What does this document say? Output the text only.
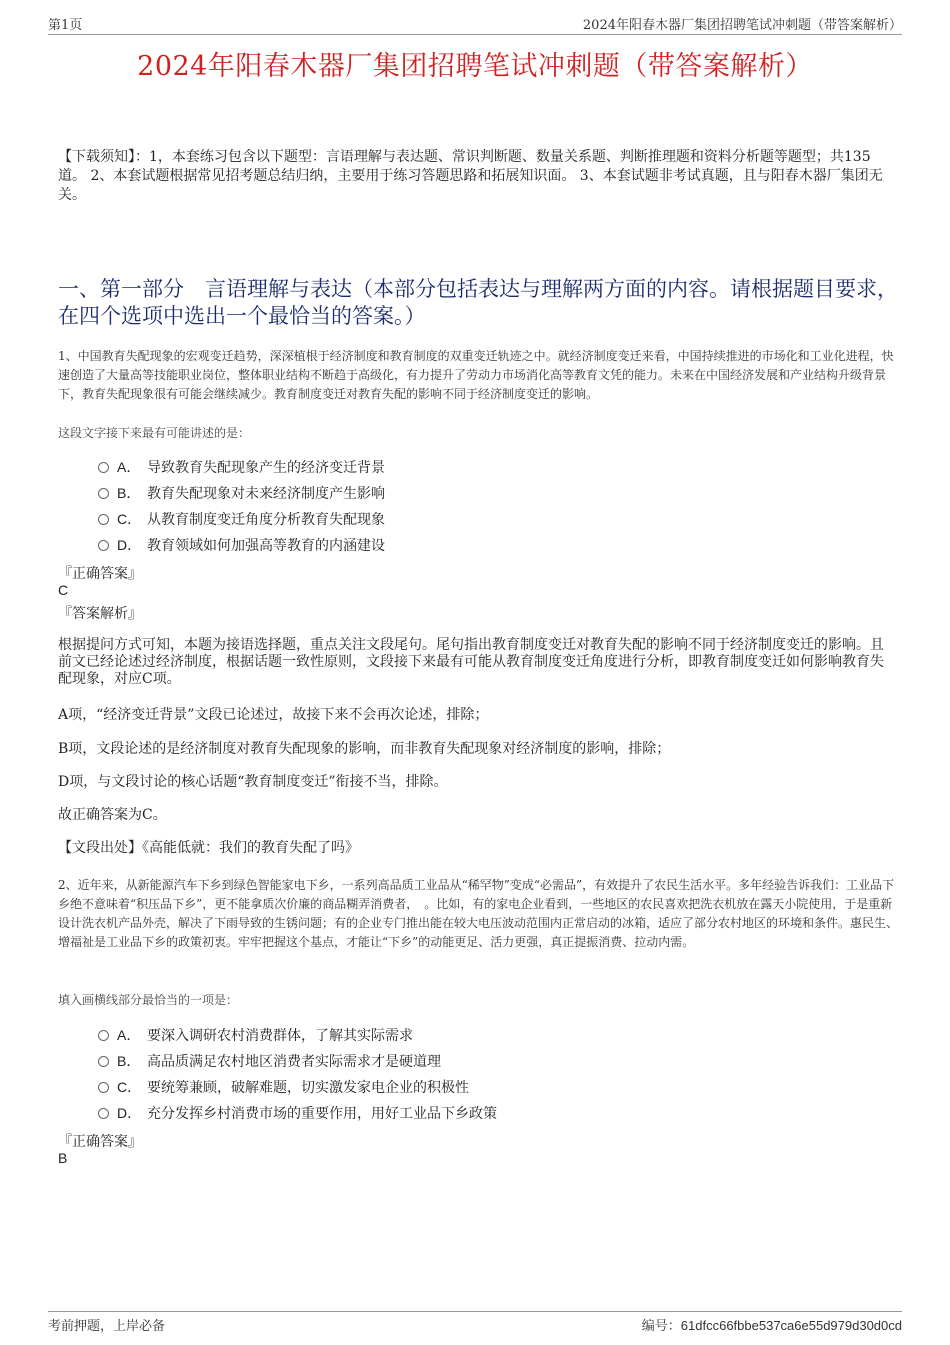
第1页	2024年阳春木器厂集团招聘笔试冲刺题（带答案解析）
2024年阳春木器厂集团招聘笔试冲刺题（带答案解析）
【下载须知】：1，本套练习包含以下题型：言语理解与表达题、常识判断题、数量关系题、判断推理题和资料分析题等题型；共135道。 2、本套试题根据常见招考题总结归纳，主要用于练习答题思路和拓展知识面。 3、本套试题非考试真题，且与阳春木器厂集团无关。
一、第一部分　言语理解与表达（本部分包括表达与理解两方面的内容。请根据题目要求，在四个选项中选出一个最恰当的答案。）
1、中国教育失配现象的宏观变迁趋势，深深植根于经济制度和教育制度的双重变迁轨迹之中。就经济制度变迁来看，中国持续推进的市场化和工业化进程，快速创造了大量高等技能职业岗位，整体职业结构不断趋于高级化，有力提升了劳动力市场消化高等教育文凭的能力。未来在中国经济发展和产业结构升级背景下，教育失配现象很有可能会继续减少。教育制度变迁对教育失配的影响不同于经济制度变迁的影响。
这段文字接下来最有可能讲述的是：
A． 导致教育失配现象产生的经济变迁背景
B． 教育失配现象对未来经济制度产生影响
C． 从教育制度变迁角度分析教育失配现象
D． 教育领域如何加强高等教育的内涵建设
『正确答案』
C
『答案解析』
根据提问方式可知，本题为接语选择题，重点关注文段尾句。尾句指出教育制度变迁对教育失配的影响不同于经济制度变迁的影响。且前文已经论述过经济制度，根据话题一致性原则，文段接下来最有可能从教育制度变迁角度进行分析，即教育制度变迁如何影响教育失配现象，对应C项。
A项，“经济变迁背景”文段已论述过，故接下来不会再次论述，排除；
B项，文段论述的是经济制度对教育失配现象的影响，而非教育失配现象对经济制度的影响，排除；
D项，与文段讨论的核心话题“教育制度变迁”衔接不当，排除。
故正确答案为C。
【文段出处】《高能低就：我们的教育失配了吗》
2、近年来，从新能源汽车下乡到绿色智能家电下乡，一系列高品质工业品从“稀罕物”变成“必需品”，有效提升了农民生活水平。多年经验告诉我们：工业品下乡绝不意味着“积压品下乡”，更不能拿质次价廉的商品糊弄消费者，　。比如，有的家电企业看到，一些地区的农民喜欢把洗衣机放在露天小院使用，于是重新设计洗衣机产品外壳，解决了下雨导致的生锈问题；有的企业专门推出能在较大电压波动范围内正常启动的冰箱，适应了部分农村地区的环境和条件。惠民生、增福祉是工业品下乡的政策初衷。牢牢把握这个基点，才能让“下乡”的动能更足、活力更强，真正提振消费、拉动内需。
填入画横线部分最恰当的一项是：
A． 要深入调研农村消费群体，了解其实际需求
B． 高品质满足农村地区消费者实际需求才是硬道理
C． 要统筹兼顾，破解难题，切实激发家电企业的积极性
D． 充分发挥乡村消费市场的重要作用，用好工业品下乡政策
『正确答案』
B
考前押题，上岸必备	编号：61dfcc66fbbe537ca6e55d979d30d0cd
